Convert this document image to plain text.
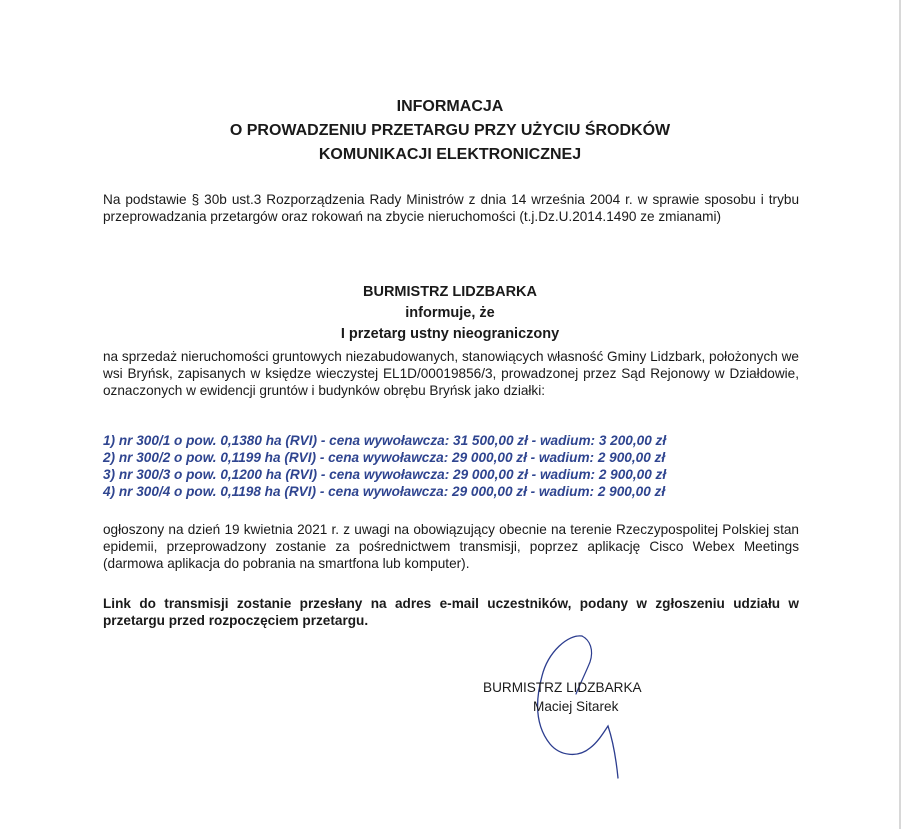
INFORMACJA
O PROWADZENIU PRZETARGU PRZY UŻYCIU ŚRODKÓW
KOMUNIKACJI ELEKTRONICZNEJ

Na podstawie § 30b ust.3 Rozporządzenia Rady Ministrów z dnia 14 września 2004 r. w sprawie sposobu i trybu przeprowadzania przetargów oraz rokowań na zbycie nieruchomości (t.j.Dz.U.2014.1490 ze zmianami)

BURMISTRZ LIDZBARKA
informuje, że
I przetarg ustny nieograniczony

na sprzedaż nieruchomości gruntowych niezabudowanych, stanowiących własność Gminy Lidzbark, położonych we wsi Bryńsk, zapisanych w księdze wieczystej EL1D/00019856/3, prowadzonej przez Sąd Rejonowy w Działdowie, oznaczonych w ewidencji gruntów i budynków obrębu Bryńsk jako działki:

1) nr 300/1 o pow. 0,1380 ha (RVI) - cena wywoławcza: 31 500,00 zł - wadium: 3 200,00 zł
2) nr 300/2 o pow. 0,1199 ha (RVI) - cena wywoławcza: 29 000,00 zł - wadium: 2 900,00 zł
3) nr 300/3 o pow. 0,1200 ha (RVI) - cena wywoławcza: 29 000,00 zł - wadium: 2 900,00 zł
4) nr 300/4 o pow. 0,1198 ha (RVI) - cena wywoławcza: 29 000,00 zł - wadium: 2 900,00 zł

ogłoszony na dzień 19 kwietnia 2021 r. z uwagi na obowiązujący obecnie na terenie Rzeczypospolitej Polskiej stan epidemii, przeprowadzony zostanie za pośrednictwem transmisji, poprzez aplikację Cisco Webex Meetings (darmowa aplikacja do pobrania na smartfona lub komputer).

Link do transmisji zostanie przesłany na adres e-mail uczestników, podany w zgłoszeniu udziału w przetargu przed rozpoczęciem przetargu.

BURMISTRZ LIDZBARKA
Maciej Sitarek
